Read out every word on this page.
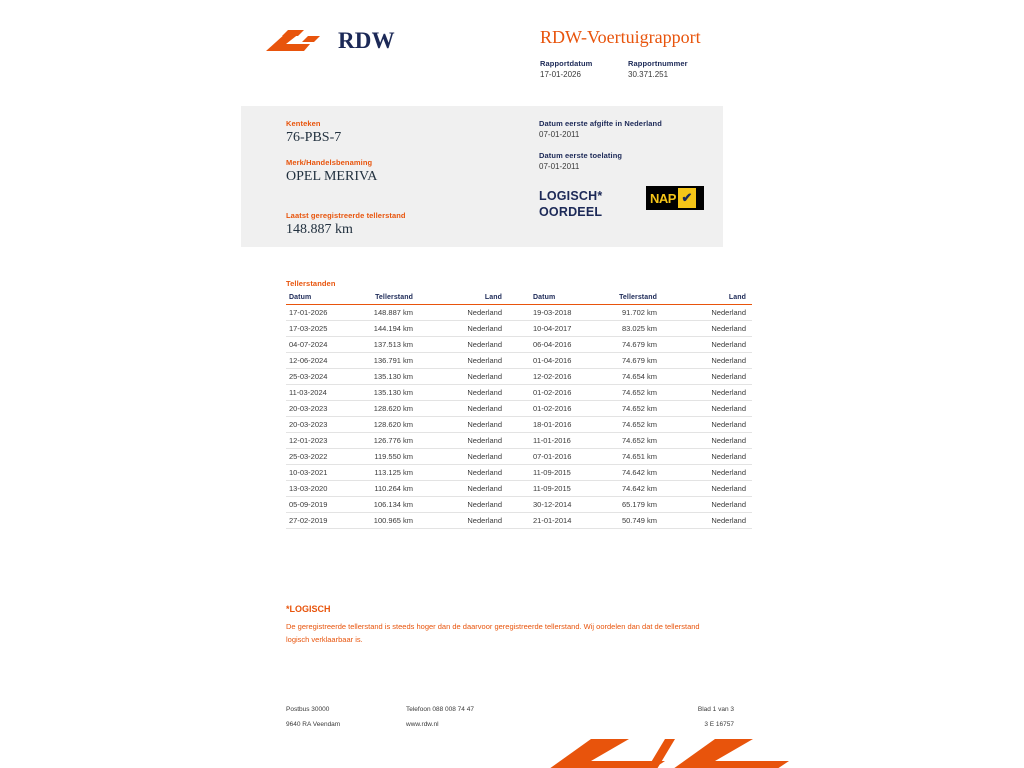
RDW	RDW-Voertuigrapport
Rapportdatum
17-01-2026
Rapportnummer
30.371.251
Kenteken
76-PBS-7
Merk/Handelsbenaming
OPEL MERIVA
Laatst geregistreerde tellerstand
148.887 km
Datum eerste afgifte in Nederland
07-01-2011
Datum eerste toelating
07-01-2011
LOGISCH*
OORDEEL
NAP ✔
Tellerstanden
Datum	Tellerstand	Land		Datum	Tellerstand	Land
17-01-2026	148.887 km	Nederland		19-03-2018	91.702 km	Nederland
17-03-2025	144.194 km	Nederland		10-04-2017	83.025 km	Nederland
04-07-2024	137.513 km	Nederland		06-04-2016	74.679 km	Nederland
12-06-2024	136.791 km	Nederland		01-04-2016	74.679 km	Nederland
25-03-2024	135.130 km	Nederland		12-02-2016	74.654 km	Nederland
11-03-2024	135.130 km	Nederland		01-02-2016	74.652 km	Nederland
20-03-2023	128.620 km	Nederland		01-02-2016	74.652 km	Nederland
20-03-2023	128.620 km	Nederland		18-01-2016	74.652 km	Nederland
12-01-2023	126.776 km	Nederland		11-01-2016	74.652 km	Nederland
25-03-2022	119.550 km	Nederland		07-01-2016	74.651 km	Nederland
10-03-2021	113.125 km	Nederland		11-09-2015	74.642 km	Nederland
13-03-2020	110.264 km	Nederland		11-09-2015	74.642 km	Nederland
05-09-2019	106.134 km	Nederland		30-12-2014	65.179 km	Nederland
27-02-2019	100.965 km	Nederland		21-01-2014	50.749 km	Nederland
*LOGISCH
De geregistreerde tellerstand is steeds hoger dan de daarvoor geregistreerde tellerstand. Wij oordelen dan dat de tellerstand logisch verklaarbaar is.
Postbus 30000
9640 RA Veendam
Telefoon 088 008 74 47
www.rdw.nl
Blad 1 van 3
3 E 16757
